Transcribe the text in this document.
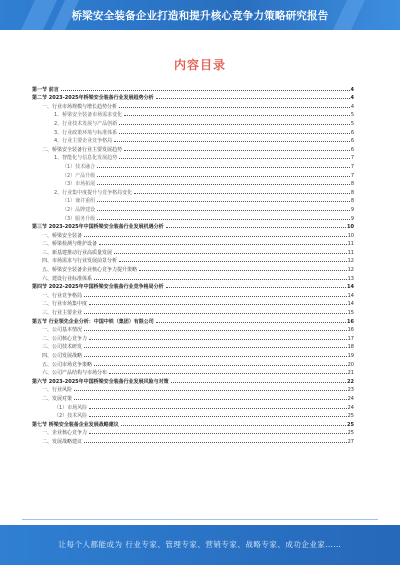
桥梁安全装备企业打造和提升核心竞争力策略研究报告
内容目录
第一节 前言	4
第二节 2023-2025年桥梁安全装备行业发展趋势分析	4
一、行业市场规模与增长趋势分析	4
1、桥梁安全装备市场需求变化	5
2、行业技术发展与产品创新	5
3、行业政策环境与标准体系	6
4、行业主要企业竞争格局	6
二、桥梁安全装备行业主要发展趋势	6
1、智能化与信息化发展趋势	7
（1）技术融合	7
（2）产品升级	7
（3）市场拓展	8
2、行业集中度提升与竞争格局变化	8
（1）兼并重组	8
（2）品牌建设	9
（3）服务升级	9
第三节 2023-2025年中国桥梁安全装备行业发展机遇分析	10
一、桥梁安全装备	10
二、桥梁检测与维护设备	11
三、新基建推动行业高质量发展	11
四、市场需求与行业发展前景分析	12
五、桥梁安全装备企业核心竞争力提升策略	12
六、建设行业标准体系	13
第四节 2022-2025年中国桥梁安全装备行业竞争格局分析	14
一、行业竞争格局	14
二、行业市场集中度	14
三、行业主要企业	15
第五节 行业领先企业分析：中国中铁（集团）有限公司	16
一、公司基本情况	16
二、公司核心竞争力	17
三、公司技术研发	18
四、公司发展战略	19
五、公司市场竞争策略	20
六、公司产品结构与市场分布	21
第六节 2023-2025年中国桥梁安全装备行业发展风险与对策	22
一、行业风险	23
二、发展对策	24
（1）市场风险	24
（2）技术风险	25
第七节 桥梁安全装备企业发展战略建议	25
一、企业核心竞争力	25
二、发展战略建议	27
让每个人都能成为 行业专家、管理专家、营销专家、战略专家、成功企业家……
